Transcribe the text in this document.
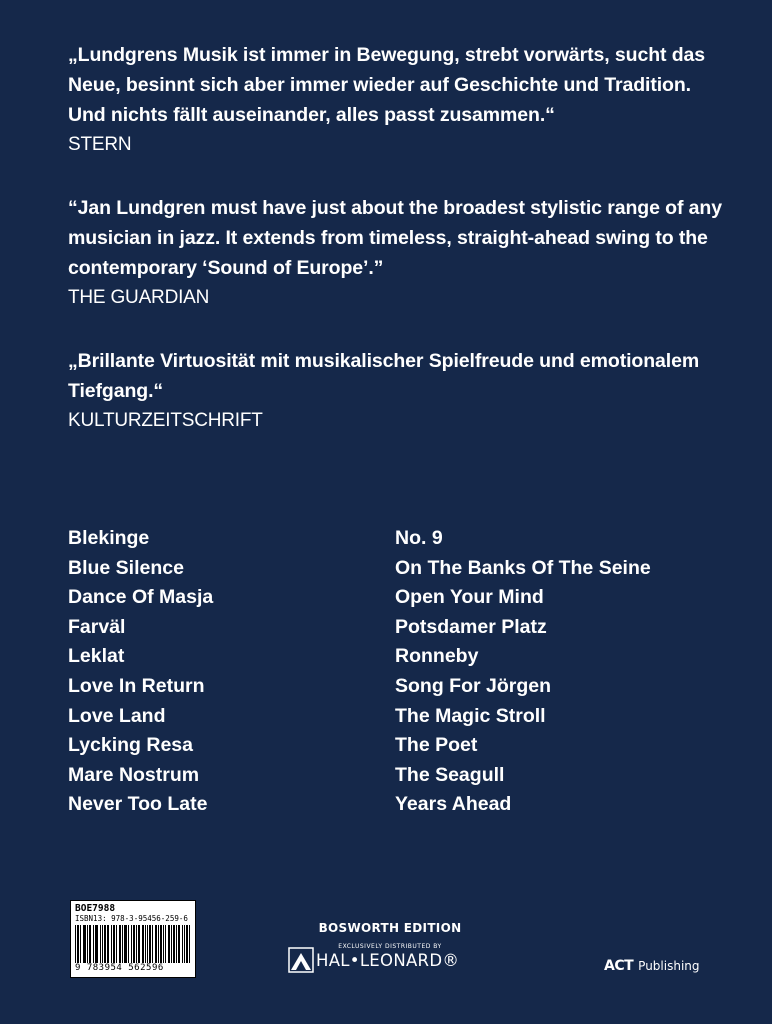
„Lundgrens Musik ist immer in Bewegung, strebt vorwärts, sucht das Neue, besinnt sich aber immer wieder auf Geschichte und Tradition. Und nichts fällt auseinander, alles passt zusammen.“
STERN
“Jan Lundgren must have just about the broadest stylistic range of any musician in jazz. It extends from timeless, straight-ahead swing to the contemporary ‘Sound of Europe’.”
THE GUARDIAN
„Brillante Virtuosität mit musikalischer Spielfreude und emotionalem Tiefgang.“
KULTURZEITSCHRIFT
Blekinge
Blue Silence
Dance Of Masja
Farväl
Leklat
Love In Return
Love Land
Lycking Resa
Mare Nostrum
Never Too Late
No. 9
On The Banks Of The Seine
Open Your Mind
Potsdamer Platz
Ronneby
Song For Jörgen
The Magic Stroll
The Poet
The Seagull
Years Ahead
BOE7988
ISBN13: 978-3-95456-259-6
9 783954 562596
BOSWORTH EDITION
EXCLUSIVELY DISTRIBUTED BY
HAL•LEONARD®	ACT Publishing
